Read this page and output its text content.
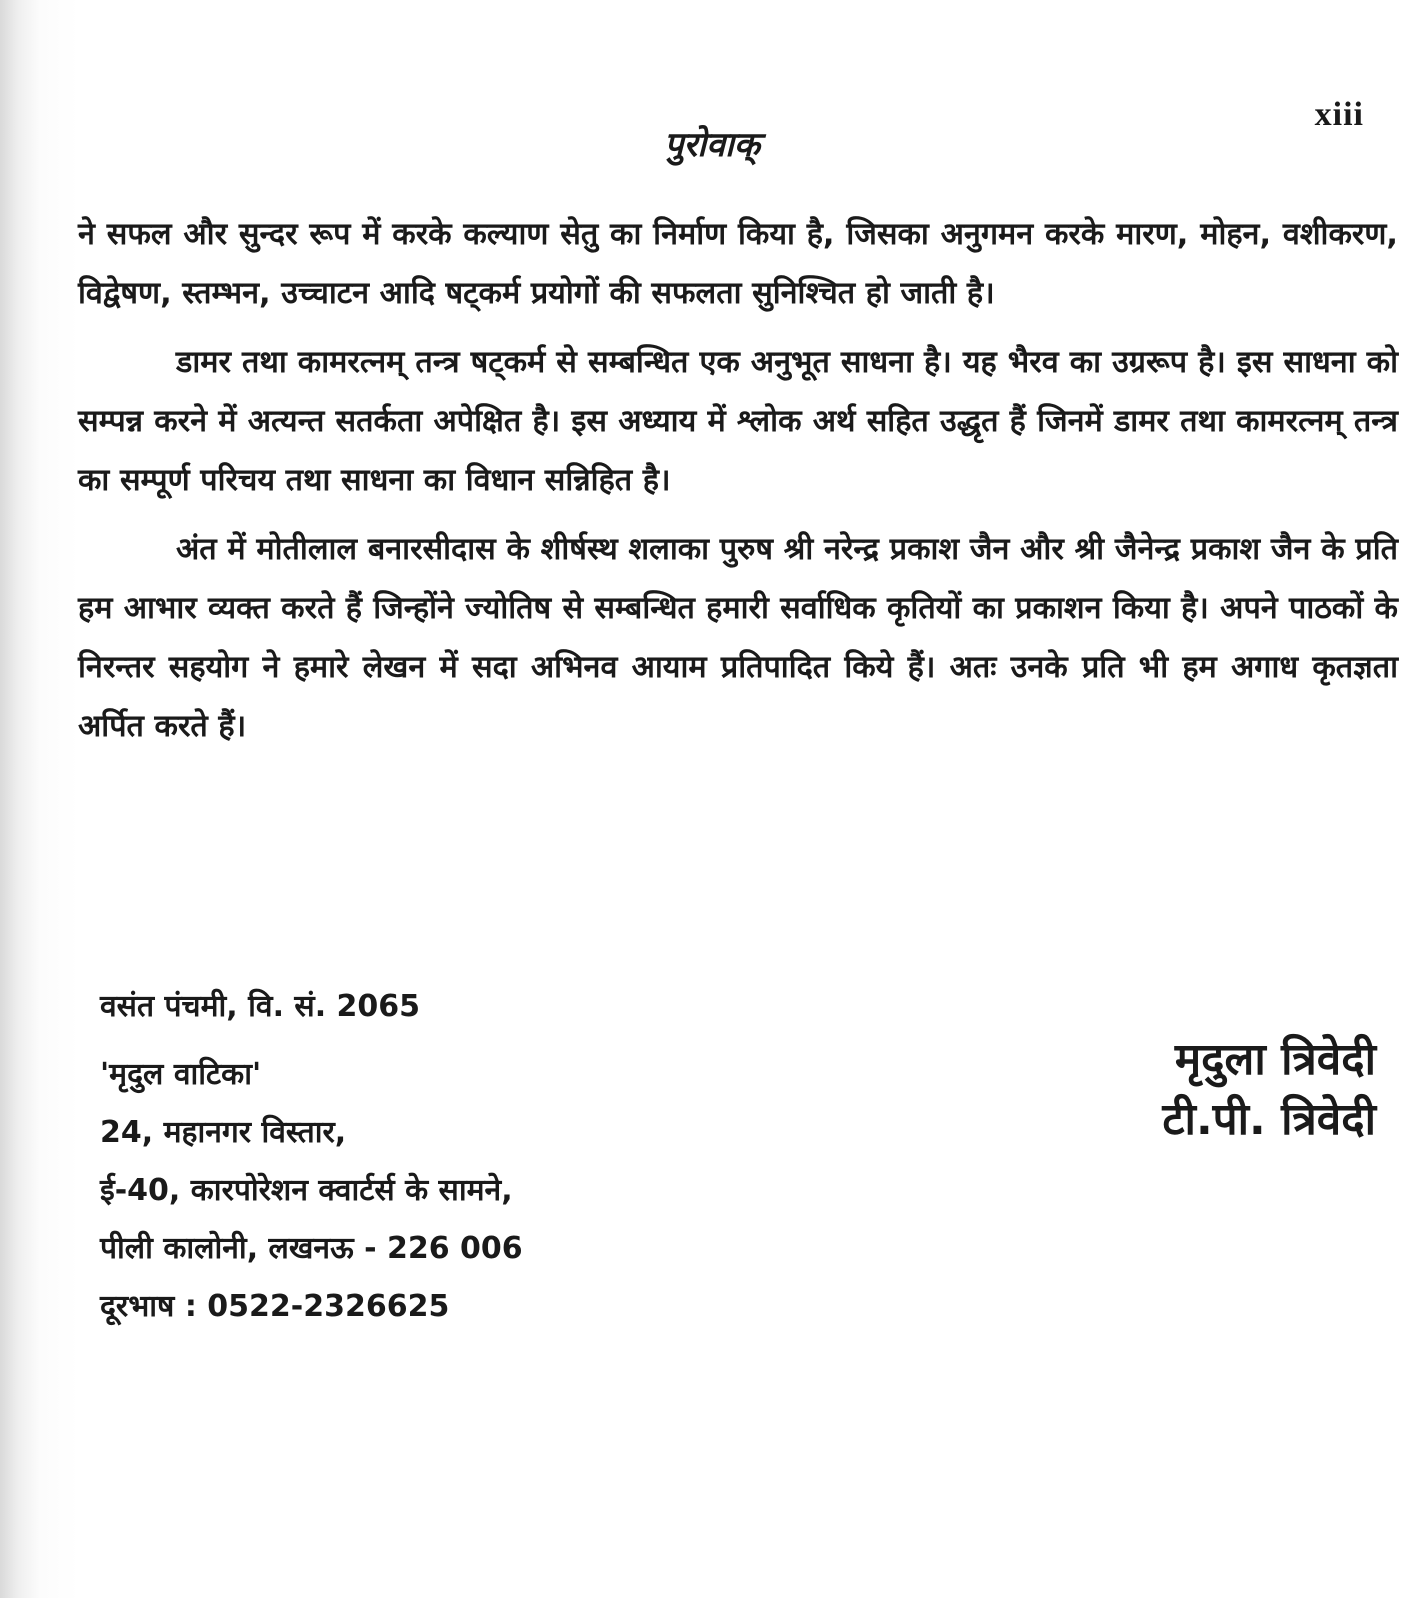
xiii
पुरोवाक्

ने सफल और सुन्दर रूप में करके कल्याण सेतु का निर्माण किया है, जिसका अनुगमन करके मारण, मोहन, वशीकरण, विद्वेषण, स्तम्भन, उच्चाटन आदि षट्कर्म प्रयोगों की सफलता सुनिश्चित हो जाती है।

डामर तथा कामरत्नम् तन्त्र षट्कर्म से सम्बन्धित एक अनुभूत साधना है। यह भैरव का उग्ररूप है। इस साधना को सम्पन्न करने में अत्यन्त सतर्कता अपेक्षित है। इस अध्याय में श्लोक अर्थ सहित उद्धृत हैं जिनमें डामर तथा कामरत्नम् तन्त्र का सम्पूर्ण परिचय तथा साधना का विधान सन्निहित है।

अंत में मोतीलाल बनारसीदास के शीर्षस्थ शलाका पुरुष श्री नरेन्द्र प्रकाश जैन और श्री जैनेन्द्र प्रकाश जैन के प्रति हम आभार व्यक्त करते हैं जिन्होंने ज्योतिष से सम्बन्धित हमारी सर्वाधिक कृतियों का प्रकाशन किया है। अपने पाठकों के निरन्तर सहयोग ने हमारे लेखन में सदा अभिनव आयाम प्रतिपादित किये हैं। अतः उनके प्रति भी हम अगाध कृतज्ञता अर्पित करते हैं।

वसंत पंचमी, वि. सं. 2065
'मृदुल वाटिका'
24, महानगर विस्तार,
ई-40, कारपोरेशन क्वार्टर्स के सामने,
पीली कालोनी, लखनऊ - 226 006
दूरभाष : 0522-2326625
मृदुला त्रिवेदी
टी.पी. त्रिवेदी
